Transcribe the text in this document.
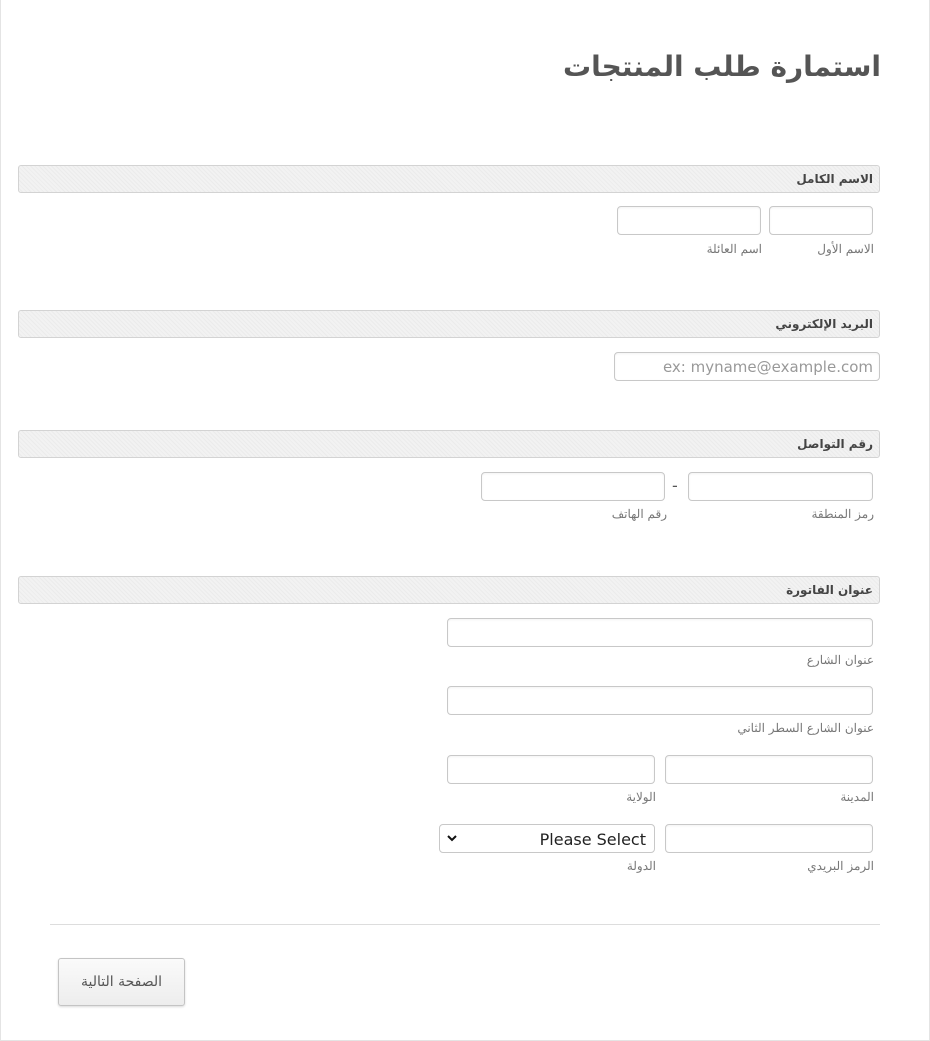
استمارة طلب المنتجات
الاسم الكامل
الاسم الأول
اسم العائلة
البريد الإلكتروني
ex: myname@example.com
رقم التواصل
-
رمز المنطقة
رقم الهاتف
عنوان الفاتورة
عنوان الشارع
عنوان الشارع السطر الثاني
المدينة
الولاية
Please Select
الرمز البريدي
الدولة
الصفحة التالية
